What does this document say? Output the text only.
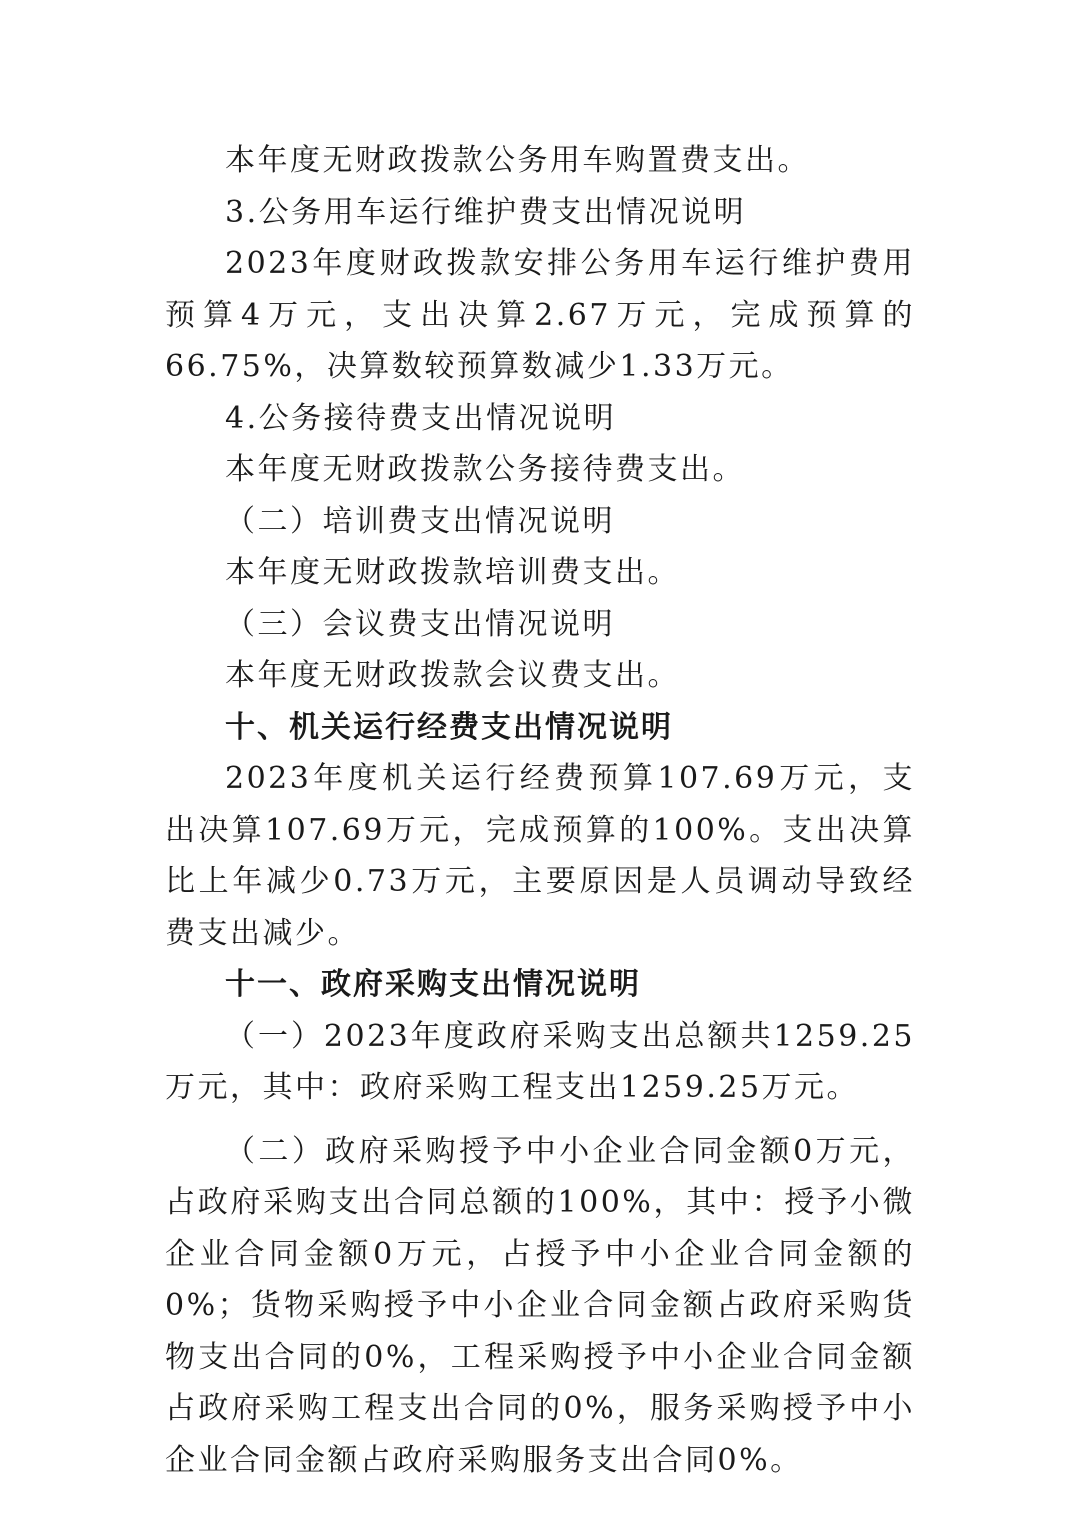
本年度无财政拨款公务用车购置费支出。

3.公务用车运行维护费支出情况说明

2023年度财政拨款安排公务用车运行维护费用预算4万元，支出决算2.67万元，完成预算的66.75%，决算数较预算数减少1.33万元。

4.公务接待费支出情况说明

本年度无财政拨款公务接待费支出。

（二）培训费支出情况说明

本年度无财政拨款培训费支出。

（三）会议费支出情况说明

本年度无财政拨款会议费支出。

十、机关运行经费支出情况说明

2023年度机关运行经费预算107.69万元，支出决算107.69万元，完成预算的100%。支出决算比上年减少0.73万元，主要原因是人员调动导致经费支出减少。

十一、政府采购支出情况说明

（一）2023年度政府采购支出总额共1259.25万元，其中：政府采购工程支出1259.25万元。

（二）政府采购授予中小企业合同金额0万元，占政府采购支出合同总额的100%，其中：授予小微企业合同金额0万元，占授予中小企业合同金额的0%；货物采购授予中小企业合同金额占政府采购货物支出合同的0%，工程采购授予中小企业合同金额占政府采购工程支出合同的0%，服务采购授予中小企业合同金额占政府采购服务支出合同0%。
